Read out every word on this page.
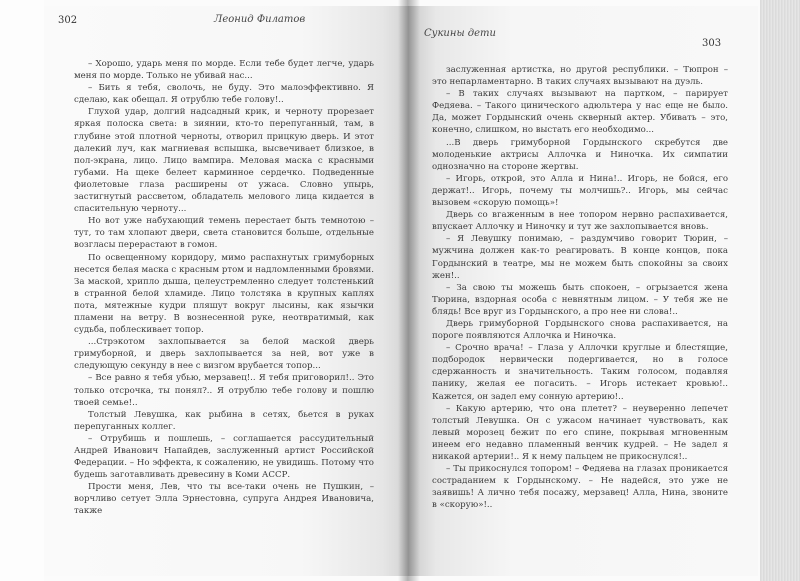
302	Леонид Филатов

– Хорошо, ударь меня по морде. Если тебе будет легче, ударь меня по морде. Только не убивай нас...

– Бить я тебя, сволочь, не буду. Это малоэффективно. Я сделаю, как обещал. Я отрублю тебе голову!..

Глухой удар, долгий надсадный крик, и черноту прорезает яркая полоска света: в зиянии, кто-то перепуганный, там, в глубине этой плотной черноты, отворил прицкую дверь. И этот далекий луч, как магниевая вспышка, высвечивает близкое, в пол-экрана, лицо. Лицо вампира. Меловая маска с красными губами. На щеке белеет карминное сердечко. Подведенные фиолетовые глаза расширены от ужаса. Словно упырь, застигнутый рассветом, обладатель мелового лица кидается в спасительную черноту...

Но вот уже набухающий темень перестает быть темнотою – тут, то там хлопают двери, света становится больше, отдельные возгласы перерастают в гомон.

По освещенному коридору, мимо распахнутых гримуборных несется белая маска с красным ртом и надломленными бровями. За маской, хрипло дыша, целеустремленно следует толстенький в странной белой хламиде. Лицо толстяка в крупных каплях пота, мятежные кудри пляшут вокруг лысины, как язычки пламени на ветру. В вознесенной руке, неотвратимый, как судьба, поблескивает топор.

...Стрэкотом захлопывается за белой маской дверь гримуборной, и дверь захлопывается за ней, вот уже в следующую секунду в нее с визгом врубается топор...

– Все равно я тебя убью, мерзавец!.. Я тебя приговорил!.. Это только отсрочка, ты понял?.. Я отрублю тебе голову и пошлю твоей семье!..

Толстый Левушка, как рыбина в сетях, бьется в руках перепуганных коллег.

– Отрубишь и пошлешь, – соглашается рассудительный Андрей Иванович Напайдев, заслуженный артист Российской Федерации. – Но эффекта, к сожалению, не увидишь. Потому что будешь заготавливать древесину в Коми АССР.

Прости меня, Лев, что ты все-таки очень не Пушкин, – ворчливо сетует Элла Эрнестовна, супруга Андрея Ивановича, также

Сукины дети
303

заслуженная артистка, но другой республики. – Тюпрон – это непарламентарно. В таких случаях вызывают на дуэль.

– В таких случаях вызывают на партком, – парирует Федяева. – Такого цинического адюльтера у нас еще не было. Да, может Гордынский очень скверный актер. Убивать – это, конечно, слишком, но выстать его необходимо...

...В дверь гримуборной Гордынского скребутся две молоденькие актрисы Аллочка и Ниночка. Их симпатии однозначно на стороне жертвы.

– Игорь, открой, это Алла и Нина!.. Игорь, не бойся, его держат!.. Игорь, почему ты молчишь?.. Игорь, мы сейчас вызовем «скорую помощь»!

Дверь со вгаженным в нее топором нервно распахивается, впускает Аллочку и Ниночку и тут же захлопывается вновь.

– Я Левушку понимаю, – раздумчиво говорит Тюрин, – мужчина должен как-то реагировать. В конце концов, пока Гордынский в театре, мы не можем быть спокойны за своих жен!..

– За свою ты можешь быть спокоен, – огрызается жена Тюрина, вздорная особа с невнятным лицом. – У тебя же не блядь! Все вруг из Гордынского, а про нее ни слова!..

Дверь гримуборной Гордынского снова распахивается, на пороге появляются Аллочка и Ниночка.

– Срочно врача! – Глаза у Аллочки круглые и блестящие, подбородок нервически подергивается, но в голосе сдержанность и значительность. Таким голосом, подавляя панику, желая ее погасить. – Игорь истекает кровью!.. Кажется, он задел ему сонную артерию!..

– Какую артерию, что она плетет? – неуверенно лепечет толстый Левушка. Он с ужасом начинает чувствовать, как левый морозец бежит по его спине, покрывая мгновенным инеем его недавно пламенный венчик кудрей. – Не задел я никакой артерии!.. Я к нему пальцем не прикоснулся!..

– Ты прикоснулся топором! – Федяева на глазах проникается состраданием к Гордынскому. – Не надейся, это уже не заявишь! А лично тебя посажу, мерзавец! Алла, Нина, звоните в «скорую»!..
